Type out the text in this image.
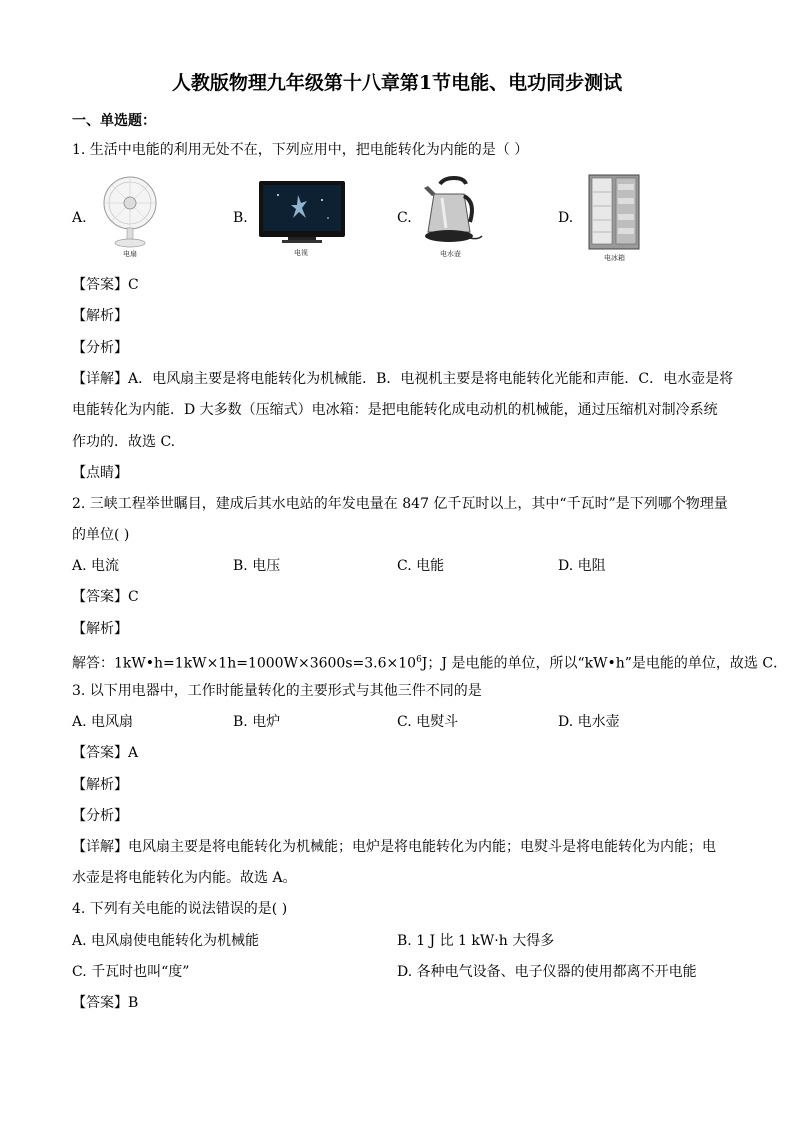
人教版物理九年级第十八章第1节电能、电功同步测试
一、单选题：
1. 生活中电能的利用无处不在，下列应用中，把电能转化为内能的是（ ）
A.
电扇
B.
电视
C.
电水壶
D.
电冰箱
【答案】C
【解析】
【分析】
【详解】A．电风扇主要是将电能转化为机械能．B．电视机主要是将电能转化光能和声能．C．电水壶是将
电能转化为内能．D 大多数（压缩式）电冰箱：是把电能转化成电动机的机械能，通过压缩机对制冷系统
作功的．故选 C.
【点睛】
2. 三峡工程举世瞩目，建成后其水电站的年发电量在 847 亿千瓦时以上，其中“千瓦时”是下列哪个物理量
的单位( )
A. 电流	B. 电压	C. 电能	D. 电阻
【答案】C
【解析】
解答：$1kW•h=1kW\times 1h=1000W\times 3600s=3.6\times 10^6J$；J 是电能的单位，所以“kW•h”是电能的单位，故选 C．
3. 以下用电器中，工作时能量转化的主要形式与其他三件不同的是
A. 电风扇	B. 电炉	C. 电熨斗	D. 电水壶
【答案】A
【解析】
【分析】
【详解】电风扇主要是将电能转化为机械能；电炉是将电能转化为内能；电熨斗是将电能转化为内能；电
水壶是将电能转化为内能。故选 A。
4. 下列有关电能的说法错误的是( )
A. 电风扇使电能转化为机械能	B. 1 J 比 1 kW·h 大得多
C. 千瓦时也叫“度”	D. 各种电气设备、电子仪器的使用都离不开电能
【答案】B
